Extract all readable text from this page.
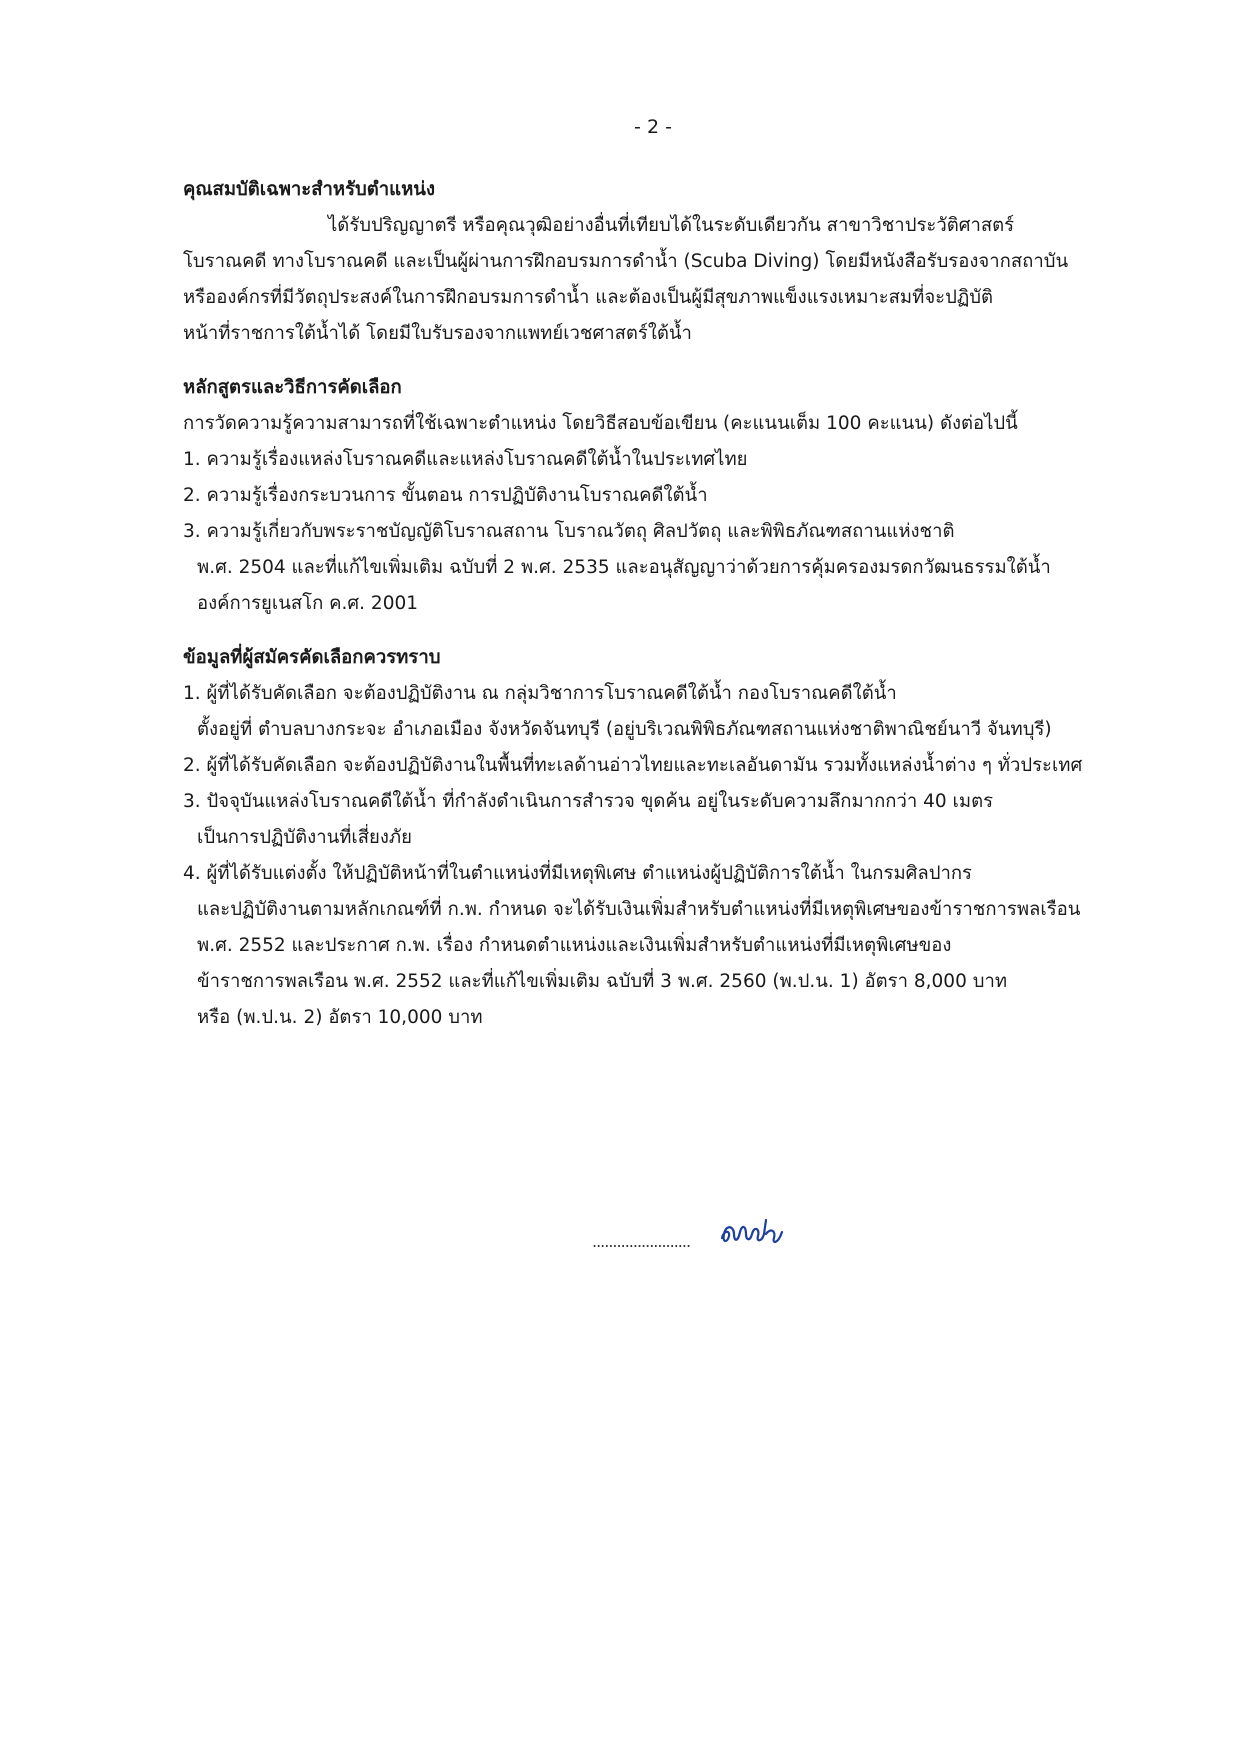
- 2 -

คุณสมบัติเฉพาะสำหรับตำแหน่ง

ได้รับปริญญาตรี หรือคุณวุฒิอย่างอื่นที่เทียบได้ในระดับเดียวกัน สาขาวิชาประวัติศาสตร์

โบราณคดี ทางโบราณคดี และเป็นผู้ผ่านการฝึกอบรมการดำน้ำ (Scuba Diving) โดยมีหนังสือรับรองจากสถาบัน

หรือองค์กรที่มีวัตถุประสงค์ในการฝึกอบรมการดำน้ำ และต้องเป็นผู้มีสุขภาพแข็งแรงเหมาะสมที่จะปฏิบัติ

หน้าที่ราชการใต้น้ำได้ โดยมีใบรับรองจากแพทย์เวชศาสตร์ใต้น้ำ

หลักสูตรและวิธีการคัดเลือก

การวัดความรู้ความสามารถที่ใช้เฉพาะตำแหน่ง โดยวิธีสอบข้อเขียน (คะแนนเต็ม 100 คะแนน) ดังต่อไปนี้

1. ความรู้เรื่องแหล่งโบราณคดีและแหล่งโบราณคดีใต้น้ำในประเทศไทย
2. ความรู้เรื่องกระบวนการ ขั้นตอน การปฏิบัติงานโบราณคดีใต้น้ำ
3. ความรู้เกี่ยวกับพระราชบัญญัติโบราณสถาน โบราณวัตถุ ศิลปวัตถุ และพิพิธภัณฑสถานแห่งชาติ
พ.ศ. 2504 และที่แก้ไขเพิ่มเติม ฉบับที่ 2 พ.ศ. 2535 และอนุสัญญาว่าด้วยการคุ้มครองมรดกวัฒนธรรมใต้น้ำ
องค์การยูเนสโก ค.ศ. 2001

ข้อมูลที่ผู้สมัครคัดเลือกควรทราบ

1. ผู้ที่ได้รับคัดเลือก จะต้องปฏิบัติงาน ณ กลุ่มวิชาการโบราณคดีใต้น้ำ กองโบราณคดีใต้น้ำ
ตั้งอยู่ที่ ตำบลบางกระจะ อำเภอเมือง จังหวัดจันทบุรี (อยู่บริเวณพิพิธภัณฑสถานแห่งชาติพาณิชย์นาวี จันทบุรี)
2. ผู้ที่ได้รับคัดเลือก จะต้องปฏิบัติงานในพื้นที่ทะเลด้านอ่าวไทยและทะเลอันดามัน รวมทั้งแหล่งน้ำต่าง ๆ ทั่วประเทศ
3. ปัจจุบันแหล่งโบราณคดีใต้น้ำ ที่กำลังดำเนินการสำรวจ ขุดค้น อยู่ในระดับความลึกมากกว่า 40 เมตร
เป็นการปฏิบัติงานที่เสี่ยงภัย
4. ผู้ที่ได้รับแต่งตั้ง ให้ปฏิบัติหน้าที่ในตำแหน่งที่มีเหตุพิเศษ ตำแหน่งผู้ปฏิบัติการใต้น้ำ ในกรมศิลปากร
และปฏิบัติงานตามหลักเกณฑ์ที่ ก.พ. กำหนด จะได้รับเงินเพิ่มสำหรับตำแหน่งที่มีเหตุพิเศษของข้าราชการพลเรือน
พ.ศ. 2552 และประกาศ ก.พ. เรื่อง กำหนดตำแหน่งและเงินเพิ่มสำหรับตำแหน่งที่มีเหตุพิเศษของ
ข้าราชการพลเรือน พ.ศ. 2552 และที่แก้ไขเพิ่มเติม ฉบับที่ 3 พ.ศ. 2560 (พ.ป.น. 1) อัตรา 8,000 บาท
หรือ (พ.ป.น. 2) อัตรา 10,000 บาท
........................
